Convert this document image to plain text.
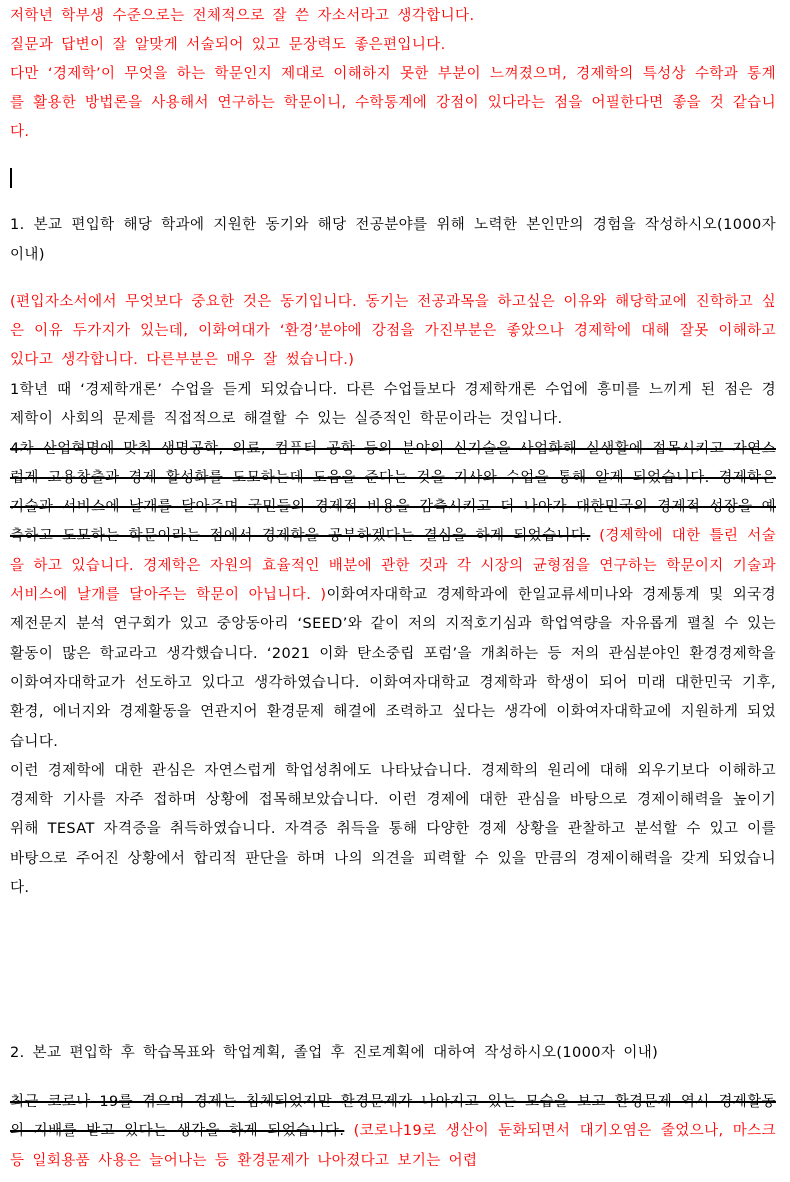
저학년 학부생 수준으로는 전체적으로 잘 쓴 자소서라고 생각합니다.

질문과 답변이 잘 알맞게 서술되어 있고 문장력도 좋은편입니다.

다만 ‘경제학’이 무엇을 하는 학문인지 제대로 이해하지 못한 부분이 느껴졌으며, 경제학의 특성상 수학과 통계를 활용한 방법론을 사용해서 연구하는 학문이니, 수학통계에 강점이 있다라는 점을 어필한다면 좋을 것 같습니다.

1. 본교 편입학 해당 학과에 지원한 동기와 해당 전공분야를 위해 노력한 본인만의 경험을 작성하시오(1000자 이내)
(편입자소서에서 무엇보다 중요한 것은 동기입니다. 동기는 전공과목을 하고싶은 이유와 해당학교에 진학하고 싶은 이유 두가지가 있는데, 이화여대가 ‘환경’분야에 강점을 가진부분은 좋았으나 경제학에 대해 잘못 이해하고 있다고 생각합니다. 다른부분은 매우 잘 썼습니다.)

1학년 때 ‘경제학개론’ 수업을 듣게 되었습니다. 다른 수업들보다 경제학개론 수업에 흥미를 느끼게 된 점은 경제학이 사회의 문제를 직접적으로 해결할 수 있는 실증적인 학문이라는 것입니다.
4차 산업혁명에 맞춰 생명공학, 의료, 컴퓨터 공학 등의 분야의 신기술을 사업화해 실생활에 접목시키고 자연스럽게 고용창출과 경제 활성화를 도모하는데 도움을 준다는 것을 기사와 수업을 통해 알게 되었습니다. 경제학은 기술과 서비스에 날개를 달아주며 국민들의 경제적 비용을 감축시키고 더 나아가 대한민국의 경제적 성장을 예측하고 도모하는 학문이라는 점에서 경제학을 공부하겠다는 결심을 하게 되었습니다. (경제학에 대한 틀린 서술을 하고 있습니다. 경제학은 자원의 효율적인 배분에 관한 것과 각 시장의 균형점을 연구하는 학문이지 기술과 서비스에 날개를 달아주는 학문이 아닙니다. )이화여자대학교 경제학과에 한일교류세미나와 경제통계 및 외국경제전문지 분석 연구회가 있고 중앙동아리 ‘SEED’와 같이 저의 지적호기심과 학업역량을 자유롭게 펼칠 수 있는 활동이 많은 학교라고 생각했습니다. ‘2021 이화 탄소중립 포럼’을 개최하는 등 저의 관심분야인 환경경제학을 이화여자대학교가 선도하고 있다고 생각하였습니다. 이화여자대학교 경제학과 학생이 되어 미래 대한민국 기후, 환경, 에너지와 경제활동을 연관지어 환경문제 해결에 조력하고 싶다는 생각에 이화여자대학교에 지원하게 되었습니다.

이런 경제학에 대한 관심은 자연스럽게 학업성취에도 나타났습니다. 경제학의 원리에 대해 외우기보다 이해하고 경제학 기사를 자주 접하며 상황에 접목해보았습니다. 이런 경제에 대한 관심을 바탕으로 경제이해력을 높이기 위해 TESAT 자격증을 취득하였습니다. 자격증 취득을 통해 다양한 경제 상황을 관찰하고 분석할 수 있고 이를 바탕으로 주어진 상황에서 합리적 판단을 하며 나의 의견을 피력할 수 있을 만큼의 경제이해력을 갖게 되었습니다.

2. 본교 편입학 후 학습목표와 학업계획, 졸업 후 진로계획에 대하여 작성하시오(1000자 이내)

최근 코로나 19를 겪으며 경제는 침체되었지만 환경문제가 나아지고 있는 모습을 보고 환경문제 역시 경제활동의 지배를 받고 있다는 생각을 하게 되었습니다. (코로나19로 생산이 둔화되면서 대기오염은 줄었으나, 마스크 등 일회용품 사용은 늘어나는 등 환경문제가 나아졌다고 보기는 어렵
